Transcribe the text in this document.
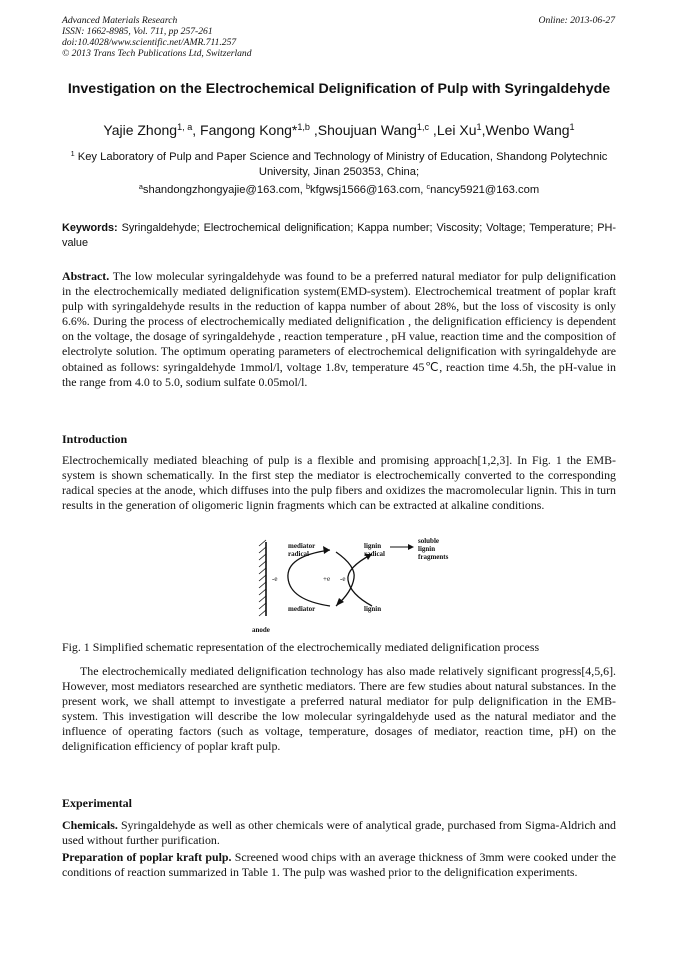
Advanced Materials Research
ISSN: 1662-8985, Vol. 711, pp 257-261
doi:10.4028/www.scientific.net/AMR.711.257
© 2013 Trans Tech Publications Ltd, Switzerland
Online: 2013-06-27
Investigation on the Electrochemical Delignification of Pulp with Syringaldehyde
Yajie Zhong$^{1, a}$, Fangong Kong*$^{1,b}$ ,Shoujuan Wang$^{1,c}$ ,Lei Xu$^1$,Wenbo Wang$^1$
$^1$ Key Laboratory of Pulp and Paper Science and Technology of Ministry of Education, Shandong Polytechnic University, Jinan 250353, China;
$^a$shandongzhongyajie@163.com, $^b$kfgwsj1566@163.com, $^c$nancy5921@163.com
Keywords: Syringaldehyde; Electrochemical delignification; Kappa number; Viscosity; Voltage; Temperature; PH-value
Abstract. The low molecular syringaldehyde was found to be a preferred natural mediator for pulp delignification in the electrochemically mediated delignification system(EMD-system). Electrochemical treatment of poplar kraft pulp with syringaldehyde results in the reduction of kappa number of about 28%, but the loss of viscosity is only 6.6%. During the process of electrochemically mediated delignification , the delignification efficiency is dependent on the voltage, the dosage of syringaldehyde , reaction temperature , pH value, reaction time and the composition of electrolyte solution. The optimum operating parameters of electrochemical delignification with syringaldehyde are obtained as follows: syringaldehyde 1mmol/l, voltage 1.8v, temperature 45℃, reaction time 4.5h, the pH-value in the range from 4.0 to 5.0, sodium sulfate 0.05mol/l.
Introduction
Electrochemically mediated bleaching of pulp is a flexible and promising approach[1,2,3]. In Fig. 1 the EMB-system is shown schematically. In the first step the mediator is electrochemically converted to the corresponding radical species at the anode, which diffuses into the pulp fibers and oxidizes the macromolecular lignin. This in turn results in the generation of oligomeric lignin fragments which can be extracted at alkaline conditions.
mediator
radical
lignin
radical
soluble
lignin
fragments
mediator	lignin
anode
-e	+e -e
Fig. 1 Simplified schematic representation of the electrochemically mediated delignification process
The electrochemically mediated delignification technology has also made relatively significant progress[4,5,6]. However, most mediators researched are synthetic mediators. There are few studies about natural substances. In the present work, we shall attempt to investigate a preferred natural mediator for pulp delignification in the EMB-system. This investigation will describe the low molecular syringaldehyde used as the natural mediator and the influence of operating factors (such as voltage, temperature, dosages of mediator, reaction time, pH) on the delignification efficiency of poplar kraft pulp.
Experimental
Chemicals. Syringaldehyde as well as other chemicals were of analytical grade, purchased from Sigma-Aldrich and used without further purification.
Preparation of poplar kraft pulp. Screened wood chips with an average thickness of 3mm were cooked under the conditions of reaction summarized in Table 1. The pulp was washed prior to the delignification experiments.
